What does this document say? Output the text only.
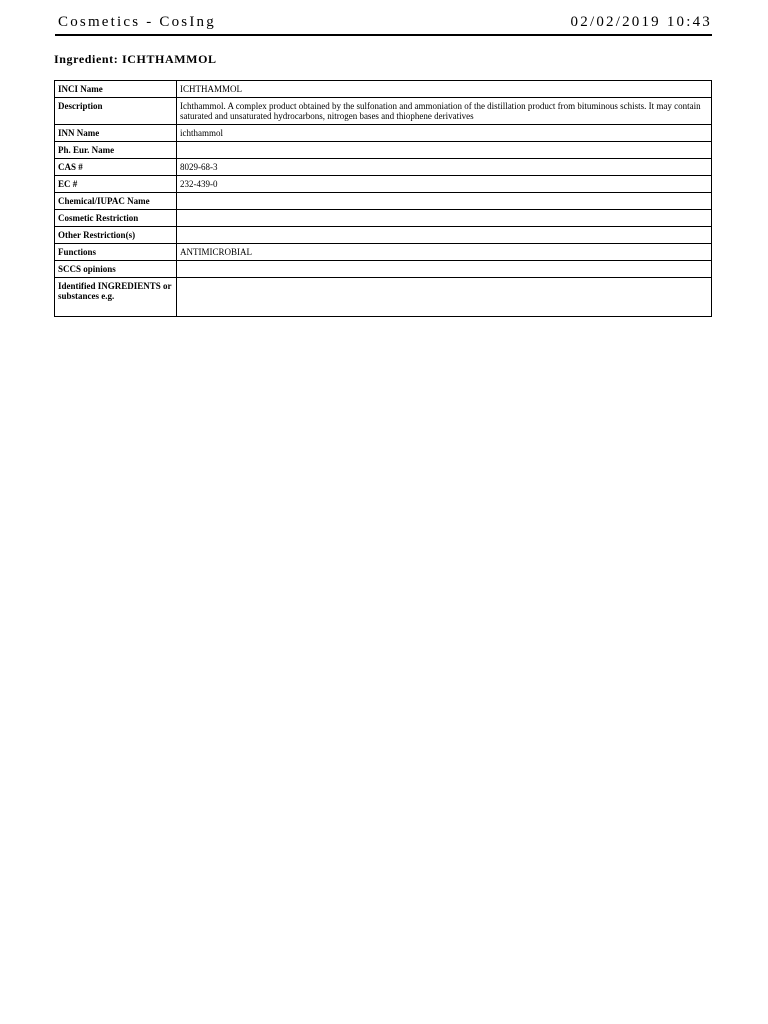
Cosmetics - CosIng	02/02/2019 10:43
Ingredient: ICHTHAMMOL
INCI Name	ICHTHAMMOL
Description	Ichthammol. A complex product obtained by the sulfonation and ammoniation of the distillation product from bituminous schists. It may contain saturated and unsaturated hydrocarbons, nitrogen bases and thiophene derivatives
INN Name	ichthammol
Ph. Eur. Name	
CAS #	8029-68-3
EC #	232-439-0
Chemical/IUPAC Name	
Cosmetic Restriction	
Other Restriction(s)	
Functions	ANTIMICROBIAL
SCCS opinions	
Identified INGREDIENTS or substances e.g.	
